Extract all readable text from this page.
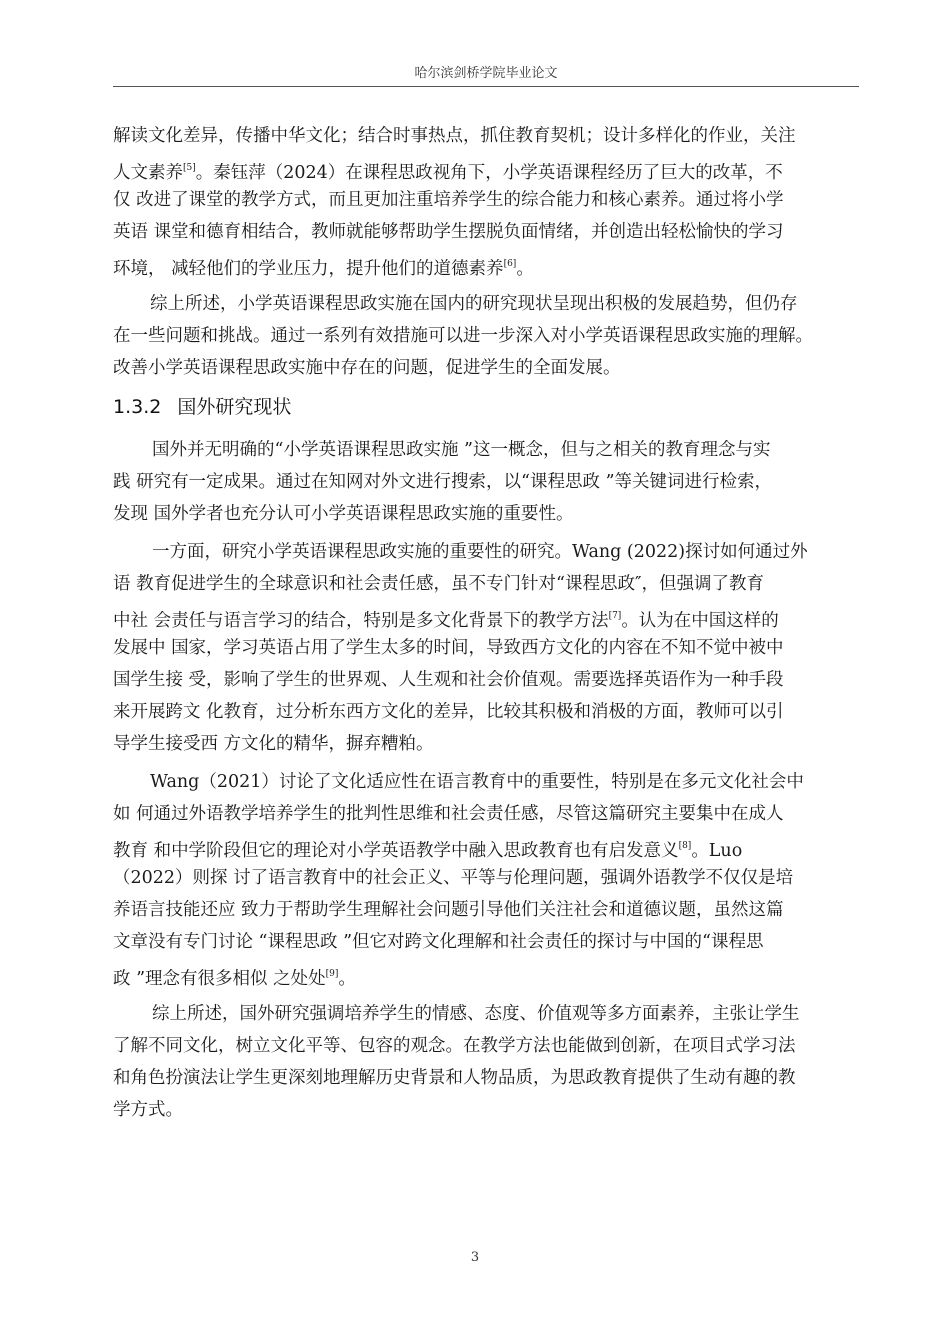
哈尔滨剑桥学院毕业论文
解读文化差异，传播中华文化；结合时事热点，抓住教育契机；设计多样化的作业，关注
人文素养[5]。秦钰萍（2024）在课程思政视角下，小学英语课程经历了巨大的改革，不
仅 改进了课堂的教学方式，而且更加注重培养学生的综合能力和核心素养。通过将小学
英语 课堂和德育相结合，教师就能够帮助学生摆脱负面情绪，并创造出轻松愉快的学习
环境， 减轻他们的学业压力，提升他们的道德素养[6]。
综上所述，小学英语课程思政实施在国内的研究现状呈现出积极的发展趋势，但仍存
在一些问题和挑战。通过一系列有效措施可以进一步深入对小学英语课程思政实施的理解。
改善小学英语课程思政实施中存在的问题，促进学生的全面发展。
1.3.2 国外研究现状
国外并无明确的“小学英语课程思政实施 ”这一概念，但与之相关的教育理念与实
践 研究有一定成果。通过在知网对外文进行搜索，以“课程思政 ”等关键词进行检索，
发现 国外学者也充分认可小学英语课程思政实施的重要性。
一方面，研究小学英语课程思政实施的重要性的研究。Wang (2022)探讨如何通过外
语 教育促进学生的全球意识和社会责任感，虽不专门针对“课程思政″，但强调了教育
中社 会责任与语言学习的结合，特别是多文化背景下的教学方法[7]。认为在中国这样的
发展中 国家，学习英语占用了学生太多的时间，导致西方文化的内容在不知不觉中被中
国学生接 受，影响了学生的世界观、人生观和社会价值观。需要选择英语作为一种手段
来开展跨文 化教育，过分析东西方文化的差异，比较其积极和消极的方面，教师可以引
导学生接受西 方文化的精华，摒弃糟粕。
Wang（2021）讨论了文化适应性在语言教育中的重要性，特别是在多元文化社会中
如 何通过外语教学培养学生的批判性思维和社会责任感，尽管这篇研究主要集中在成人
教育 和中学阶段但它的理论对小学英语教学中融入思政教育也有启发意义[8]。Luo
（2022）则探 讨了语言教育中的社会正义、平等与伦理问题，强调外语教学不仅仅是培
养语言技能还应 致力于帮助学生理解社会问题引导他们关注社会和道德议题，虽然这篇
文章没有专门讨论 “课程思政 ”但它对跨文化理解和社会责任的探讨与中国的“课程思
政 ”理念有很多相似 之处处[9]。
综上所述，国外研究强调培养学生的情感、态度、价值观等多方面素养，主张让学生
了解不同文化，树立文化平等、包容的观念。在教学方法也能做到创新，在项目式学习法
和角色扮演法让学生更深刻地理解历史背景和人物品质，为思政教育提供了生动有趣的教
学方式。
3
